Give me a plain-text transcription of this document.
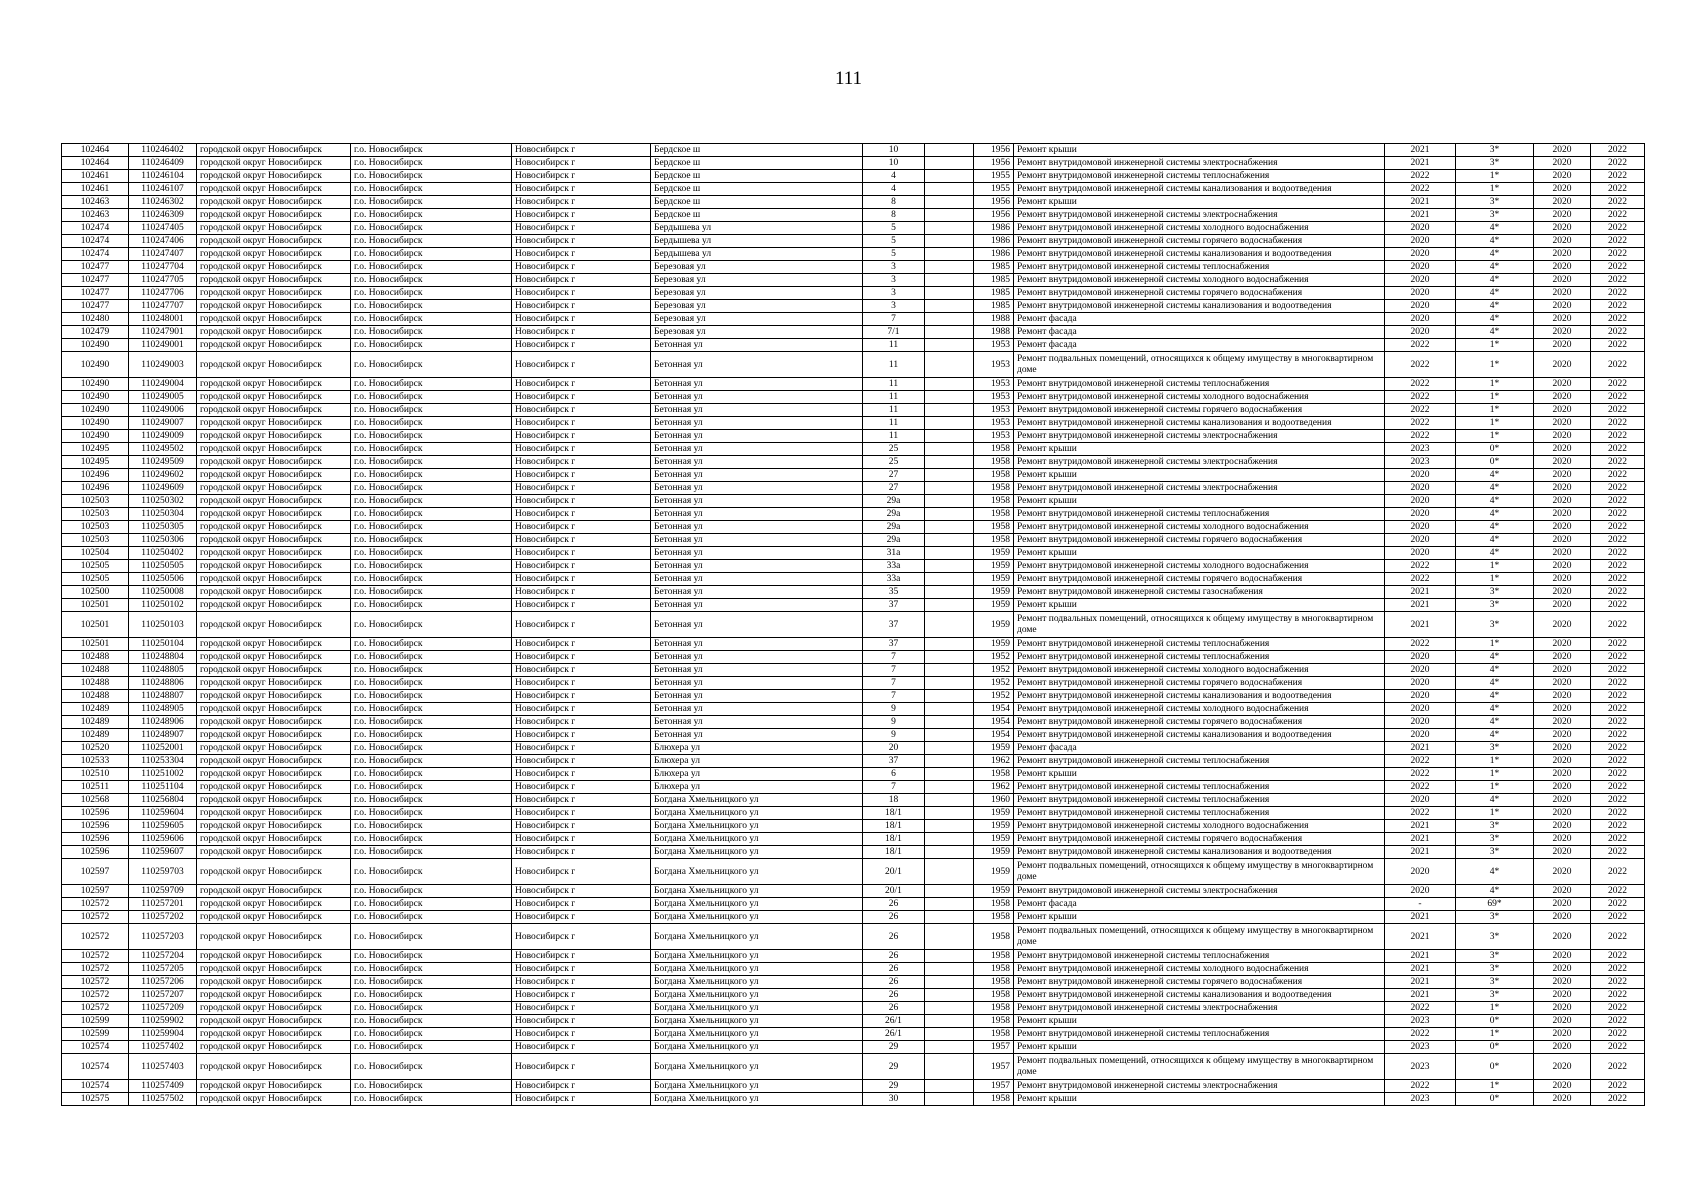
111
102464	110246402	городской округ Новосибирск	г.о. Новосибирск	Новосибирск г	Бердское ш	10		1956	Ремонт крыши	2021	3*	2020	2022
102464	110246409	городской округ Новосибирск	г.о. Новосибирск	Новосибирск г	Бердское ш	10		1956	Ремонт внутридомовой инженерной системы электроснабжения	2021	3*	2020	2022
102461	110246104	городской округ Новосибирск	г.о. Новосибирск	Новосибирск г	Бердское ш	4		1955	Ремонт внутридомовой инженерной системы теплоснабжения	2022	1*	2020	2022
102461	110246107	городской округ Новосибирск	г.о. Новосибирск	Новосибирск г	Бердское ш	4		1955	Ремонт внутридомовой инженерной системы канализования и водоотведения	2022	1*	2020	2022
102463	110246302	городской округ Новосибирск	г.о. Новосибирск	Новосибирск г	Бердское ш	8		1956	Ремонт крыши	2021	3*	2020	2022
102463	110246309	городской округ Новосибирск	г.о. Новосибирск	Новосибирск г	Бердское ш	8		1956	Ремонт внутридомовой инженерной системы электроснабжения	2021	3*	2020	2022
102474	110247405	городской округ Новосибирск	г.о. Новосибирск	Новосибирск г	Бердышева ул	5		1986	Ремонт внутридомовой инженерной системы холодного водоснабжения	2020	4*	2020	2022
102474	110247406	городской округ Новосибирск	г.о. Новосибирск	Новосибирск г	Бердышева ул	5		1986	Ремонт внутридомовой инженерной системы горячего водоснабжения	2020	4*	2020	2022
102474	110247407	городской округ Новосибирск	г.о. Новосибирск	Новосибирск г	Бердышева ул	5		1986	Ремонт внутридомовой инженерной системы канализования и водоотведения	2020	4*	2020	2022
102477	110247704	городской округ Новосибирск	г.о. Новосибирск	Новосибирск г	Березовая ул	3		1985	Ремонт внутридомовой инженерной системы теплоснабжения	2020	4*	2020	2022
102477	110247705	городской округ Новосибирск	г.о. Новосибирск	Новосибирск г	Березовая ул	3		1985	Ремонт внутридомовой инженерной системы холодного водоснабжения	2020	4*	2020	2022
102477	110247706	городской округ Новосибирск	г.о. Новосибирск	Новосибирск г	Березовая ул	3		1985	Ремонт внутридомовой инженерной системы горячего водоснабжения	2020	4*	2020	2022
102477	110247707	городской округ Новосибирск	г.о. Новосибирск	Новосибирск г	Березовая ул	3		1985	Ремонт внутридомовой инженерной системы канализования и водоотведения	2020	4*	2020	2022
102480	110248001	городской округ Новосибирск	г.о. Новосибирск	Новосибирск г	Березовая ул	7		1988	Ремонт фасада	2020	4*	2020	2022
102479	110247901	городской округ Новосибирск	г.о. Новосибирск	Новосибирск г	Березовая ул	7/1		1988	Ремонт фасада	2020	4*	2020	2022
102490	110249001	городской округ Новосибирск	г.о. Новосибирск	Новосибирск г	Бетонная ул	11		1953	Ремонт фасада	2022	1*	2020	2022
102490	110249003	городской округ Новосибирск	г.о. Новосибирск	Новосибирск г	Бетонная ул	11		1953	Ремонт подвальных помещений, относящихся к общему имуществу в многоквартирном доме	2022	1*	2020	2022
102490	110249004	городской округ Новосибирск	г.о. Новосибирск	Новосибирск г	Бетонная ул	11		1953	Ремонт внутридомовой инженерной системы теплоснабжения	2022	1*	2020	2022
102490	110249005	городской округ Новосибирск	г.о. Новосибирск	Новосибирск г	Бетонная ул	11		1953	Ремонт внутридомовой инженерной системы холодного водоснабжения	2022	1*	2020	2022
102490	110249006	городской округ Новосибирск	г.о. Новосибирск	Новосибирск г	Бетонная ул	11		1953	Ремонт внутридомовой инженерной системы горячего водоснабжения	2022	1*	2020	2022
102490	110249007	городской округ Новосибирск	г.о. Новосибирск	Новосибирск г	Бетонная ул	11		1953	Ремонт внутридомовой инженерной системы канализования и водоотведения	2022	1*	2020	2022
102490	110249009	городской округ Новосибирск	г.о. Новосибирск	Новосибирск г	Бетонная ул	11		1953	Ремонт внутридомовой инженерной системы электроснабжения	2022	1*	2020	2022
102495	110249502	городской округ Новосибирск	г.о. Новосибирск	Новосибирск г	Бетонная ул	25		1958	Ремонт крыши	2023	0*	2020	2022
102495	110249509	городской округ Новосибирск	г.о. Новосибирск	Новосибирск г	Бетонная ул	25		1958	Ремонт внутридомовой инженерной системы электроснабжения	2023	0*	2020	2022
102496	110249602	городской округ Новосибирск	г.о. Новосибирск	Новосибирск г	Бетонная ул	27		1958	Ремонт крыши	2020	4*	2020	2022
102496	110249609	городской округ Новосибирск	г.о. Новосибирск	Новосибирск г	Бетонная ул	27		1958	Ремонт внутридомовой инженерной системы электроснабжения	2020	4*	2020	2022
102503	110250302	городской округ Новосибирск	г.о. Новосибирск	Новосибирск г	Бетонная ул	29а		1958	Ремонт крыши	2020	4*	2020	2022
102503	110250304	городской округ Новосибирск	г.о. Новосибирск	Новосибирск г	Бетонная ул	29а		1958	Ремонт внутридомовой инженерной системы теплоснабжения	2020	4*	2020	2022
102503	110250305	городской округ Новосибирск	г.о. Новосибирск	Новосибирск г	Бетонная ул	29а		1958	Ремонт внутридомовой инженерной системы холодного водоснабжения	2020	4*	2020	2022
102503	110250306	городской округ Новосибирск	г.о. Новосибирск	Новосибирск г	Бетонная ул	29а		1958	Ремонт внутридомовой инженерной системы горячего водоснабжения	2020	4*	2020	2022
102504	110250402	городской округ Новосибирск	г.о. Новосибирск	Новосибирск г	Бетонная ул	31а		1959	Ремонт крыши	2020	4*	2020	2022
102505	110250505	городской округ Новосибирск	г.о. Новосибирск	Новосибирск г	Бетонная ул	33а		1959	Ремонт внутридомовой инженерной системы холодного водоснабжения	2022	1*	2020	2022
102505	110250506	городской округ Новосибирск	г.о. Новосибирск	Новосибирск г	Бетонная ул	33а		1959	Ремонт внутридомовой инженерной системы горячего водоснабжения	2022	1*	2020	2022
102500	110250008	городской округ Новосибирск	г.о. Новосибирск	Новосибирск г	Бетонная ул	35		1959	Ремонт внутридомовой инженерной системы газоснабжения	2021	3*	2020	2022
102501	110250102	городской округ Новосибирск	г.о. Новосибирск	Новосибирск г	Бетонная ул	37		1959	Ремонт крыши	2021	3*	2020	2022
102501	110250103	городской округ Новосибирск	г.о. Новосибирск	Новосибирск г	Бетонная ул	37		1959	Ремонт подвальных помещений, относящихся к общему имуществу в многоквартирном доме	2021	3*	2020	2022
102501	110250104	городской округ Новосибирск	г.о. Новосибирск	Новосибирск г	Бетонная ул	37		1959	Ремонт внутридомовой инженерной системы теплоснабжения	2022	1*	2020	2022
102488	110248804	городской округ Новосибирск	г.о. Новосибирск	Новосибирск г	Бетонная ул	7		1952	Ремонт внутридомовой инженерной системы теплоснабжения	2020	4*	2020	2022
102488	110248805	городской округ Новосибирск	г.о. Новосибирск	Новосибирск г	Бетонная ул	7		1952	Ремонт внутридомовой инженерной системы холодного водоснабжения	2020	4*	2020	2022
102488	110248806	городской округ Новосибирск	г.о. Новосибирск	Новосибирск г	Бетонная ул	7		1952	Ремонт внутридомовой инженерной системы горячего водоснабжения	2020	4*	2020	2022
102488	110248807	городской округ Новосибирск	г.о. Новосибирск	Новосибирск г	Бетонная ул	7		1952	Ремонт внутридомовой инженерной системы канализования и водоотведения	2020	4*	2020	2022
102489	110248905	городской округ Новосибирск	г.о. Новосибирск	Новосибирск г	Бетонная ул	9		1954	Ремонт внутридомовой инженерной системы холодного водоснабжения	2020	4*	2020	2022
102489	110248906	городской округ Новосибирск	г.о. Новосибирск	Новосибирск г	Бетонная ул	9		1954	Ремонт внутридомовой инженерной системы горячего водоснабжения	2020	4*	2020	2022
102489	110248907	городской округ Новосибирск	г.о. Новосибирск	Новосибирск г	Бетонная ул	9		1954	Ремонт внутридомовой инженерной системы канализования и водоотведения	2020	4*	2020	2022
102520	110252001	городской округ Новосибирск	г.о. Новосибирск	Новосибирск г	Блюхера ул	20		1959	Ремонт фасада	2021	3*	2020	2022
102533	110253304	городской округ Новосибирск	г.о. Новосибирск	Новосибирск г	Блюхера ул	37		1962	Ремонт внутридомовой инженерной системы теплоснабжения	2022	1*	2020	2022
102510	110251002	городской округ Новосибирск	г.о. Новосибирск	Новосибирск г	Блюхера ул	6		1958	Ремонт крыши	2022	1*	2020	2022
102511	110251104	городской округ Новосибирск	г.о. Новосибирск	Новосибирск г	Блюхера ул	7		1962	Ремонт внутридомовой инженерной системы теплоснабжения	2022	1*	2020	2022
102568	110256804	городской округ Новосибирск	г.о. Новосибирск	Новосибирск г	Богдана Хмельницкого ул	18		1960	Ремонт внутридомовой инженерной системы теплоснабжения	2020	4*	2020	2022
102596	110259604	городской округ Новосибирск	г.о. Новосибирск	Новосибирск г	Богдана Хмельницкого ул	18/1		1959	Ремонт внутридомовой инженерной системы теплоснабжения	2022	1*	2020	2022
102596	110259605	городской округ Новосибирск	г.о. Новосибирск	Новосибирск г	Богдана Хмельницкого ул	18/1		1959	Ремонт внутридомовой инженерной системы холодного водоснабжения	2021	3*	2020	2022
102596	110259606	городской округ Новосибирск	г.о. Новосибирск	Новосибирск г	Богдана Хмельницкого ул	18/1		1959	Ремонт внутридомовой инженерной системы горячего водоснабжения	2021	3*	2020	2022
102596	110259607	городской округ Новосибирск	г.о. Новосибирск	Новосибирск г	Богдана Хмельницкого ул	18/1		1959	Ремонт внутридомовой инженерной системы канализования и водоотведения	2021	3*	2020	2022
102597	110259703	городской округ Новосибирск	г.о. Новосибирск	Новосибирск г	Богдана Хмельницкого ул	20/1		1959	Ремонт подвальных помещений, относящихся к общему имуществу в многоквартирном доме	2020	4*	2020	2022
102597	110259709	городской округ Новосибирск	г.о. Новосибирск	Новосибирск г	Богдана Хмельницкого ул	20/1		1959	Ремонт внутридомовой инженерной системы электроснабжения	2020	4*	2020	2022
102572	110257201	городской округ Новосибирск	г.о. Новосибирск	Новосибирск г	Богдана Хмельницкого ул	26		1958	Ремонт фасада	-	69*	2020	2022
102572	110257202	городской округ Новосибирск	г.о. Новосибирск	Новосибирск г	Богдана Хмельницкого ул	26		1958	Ремонт крыши	2021	3*	2020	2022
102572	110257203	городской округ Новосибирск	г.о. Новосибирск	Новосибирск г	Богдана Хмельницкого ул	26		1958	Ремонт подвальных помещений, относящихся к общему имуществу в многоквартирном доме	2021	3*	2020	2022
102572	110257204	городской округ Новосибирск	г.о. Новосибирск	Новосибирск г	Богдана Хмельницкого ул	26		1958	Ремонт внутридомовой инженерной системы теплоснабжения	2021	3*	2020	2022
102572	110257205	городской округ Новосибирск	г.о. Новосибирск	Новосибирск г	Богдана Хмельницкого ул	26		1958	Ремонт внутридомовой инженерной системы холодного водоснабжения	2021	3*	2020	2022
102572	110257206	городской округ Новосибирск	г.о. Новосибирск	Новосибирск г	Богдана Хмельницкого ул	26		1958	Ремонт внутридомовой инженерной системы горячего водоснабжения	2021	3*	2020	2022
102572	110257207	городской округ Новосибирск	г.о. Новосибирск	Новосибирск г	Богдана Хмельницкого ул	26		1958	Ремонт внутридомовой инженерной системы канализования и водоотведения	2021	3*	2020	2022
102572	110257209	городской округ Новосибирск	г.о. Новосибирск	Новосибирск г	Богдана Хмельницкого ул	26		1958	Ремонт внутридомовой инженерной системы электроснабжения	2022	1*	2020	2022
102599	110259902	городской округ Новосибирск	г.о. Новосибирск	Новосибирск г	Богдана Хмельницкого ул	26/1		1958	Ремонт крыши	2023	0*	2020	2022
102599	110259904	городской округ Новосибирск	г.о. Новосибирск	Новосибирск г	Богдана Хмельницкого ул	26/1		1958	Ремонт внутридомовой инженерной системы теплоснабжения	2022	1*	2020	2022
102574	110257402	городской округ Новосибирск	г.о. Новосибирск	Новосибирск г	Богдана Хмельницкого ул	29		1957	Ремонт крыши	2023	0*	2020	2022
102574	110257403	городской округ Новосибирск	г.о. Новосибирск	Новосибирск г	Богдана Хмельницкого ул	29		1957	Ремонт подвальных помещений, относящихся к общему имуществу в многоквартирном доме	2023	0*	2020	2022
102574	110257409	городской округ Новосибирск	г.о. Новосибирск	Новосибирск г	Богдана Хмельницкого ул	29		1957	Ремонт внутридомовой инженерной системы электроснабжения	2022	1*	2020	2022
102575	110257502	городской округ Новосибирск	г.о. Новосибирск	Новосибирск г	Богдана Хмельницкого ул	30		1958	Ремонт крыши	2023	0*	2020	2022
